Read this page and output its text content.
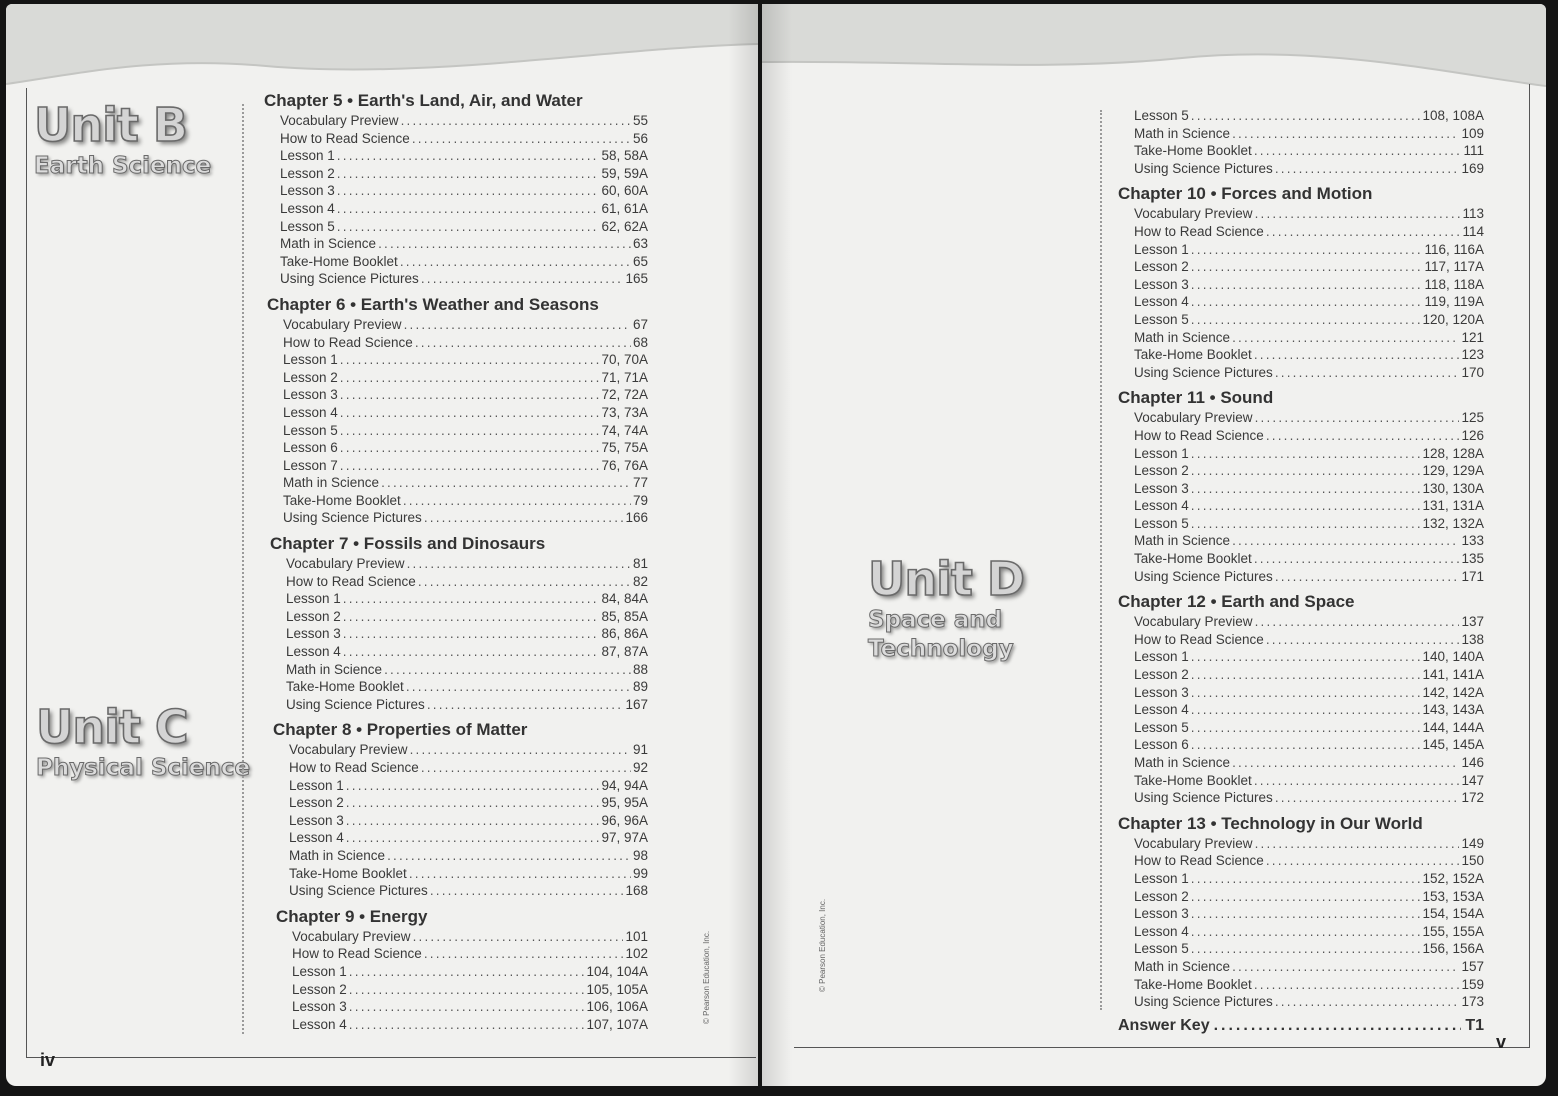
Unit B
Earth Science
Unit C
Physical Science
Chapter 5 • Earth's Land, Air, and Water
Vocabulary Preview .....	55
How to Read Science .....	56
Lesson 1 .....	58, 58A
Lesson 2 .....	59, 59A
Lesson 3 .....	60, 60A
Lesson 4 .....	61, 61A
Lesson 5 .....	62, 62A
Math in Science .....	63
Take-Home Booklet .....	65
Using Science Pictures .....	165
Chapter 6 • Earth's Weather and Seasons
Vocabulary Preview .....	67
How to Read Science .....	68
Lesson 1 .....	70, 70A
Lesson 2 .....	71, 71A
Lesson 3 .....	72, 72A
Lesson 4 .....	73, 73A
Lesson 5 .....	74, 74A
Lesson 6 .....	75, 75A
Lesson 7 .....	76, 76A
Math in Science .....	77
Take-Home Booklet .....	79
Using Science Pictures .....	166
Chapter 7 • Fossils and Dinosaurs
Vocabulary Preview .....	81
How to Read Science .....	82
Lesson 1 .....	84, 84A
Lesson 2 .....	85, 85A
Lesson 3 .....	86, 86A
Lesson 4 .....	87, 87A
Math in Science .....	88
Take-Home Booklet .....	89
Using Science Pictures .....	167
Chapter 8 • Properties of Matter
Vocabulary Preview .....	91
How to Read Science .....	92
Lesson 1 .....	94, 94A
Lesson 2 .....	95, 95A
Lesson 3 .....	96, 96A
Lesson 4 .....	97, 97A
Math in Science .....	98
Take-Home Booklet .....	99
Using Science Pictures .....	168
Chapter 9 • Energy
Vocabulary Preview .....	101
How to Read Science .....	102
Lesson 1 .....	104, 104A
Lesson 2 .....	105, 105A
Lesson 3 .....	106, 106A
Lesson 4 .....	107, 107A
© Pearson Education, Inc.
iv
Unit D
Space and
Technology
Lesson 5 .....	108, 108A
Math in Science .....	109
Take-Home Booklet .....	111
Using Science Pictures .....	169
Chapter 10 • Forces and Motion
Vocabulary Preview .....	113
How to Read Science .....	114
Lesson 1 .....	116, 116A
Lesson 2 .....	117, 117A
Lesson 3 .....	118, 118A
Lesson 4 .....	119, 119A
Lesson 5 .....	120, 120A
Math in Science .....	121
Take-Home Booklet .....	123
Using Science Pictures .....	170
Chapter 11 • Sound
Vocabulary Preview .....	125
How to Read Science .....	126
Lesson 1 .....	128, 128A
Lesson 2 .....	129, 129A
Lesson 3 .....	130, 130A
Lesson 4 .....	131, 131A
Lesson 5 .....	132, 132A
Math in Science .....	133
Take-Home Booklet .....	135
Using Science Pictures .....	171
Chapter 12 • Earth and Space
Vocabulary Preview .....	137
How to Read Science .....	138
Lesson 1 .....	140, 140A
Lesson 2 .....	141, 141A
Lesson 3 .....	142, 142A
Lesson 4 .....	143, 143A
Lesson 5 .....	144, 144A
Lesson 6 .....	145, 145A
Math in Science .....	146
Take-Home Booklet .....	147
Using Science Pictures .....	172
Chapter 13 • Technology in Our World
Vocabulary Preview .....	149
How to Read Science .....	150
Lesson 1 .....	152, 152A
Lesson 2 .....	153, 153A
Lesson 3 .....	154, 154A
Lesson 4 .....	155, 155A
Lesson 5 .....	156, 156A
Math in Science .....	157
Take-Home Booklet .....	159
Using Science Pictures .....	173
Answer Key .....	T1
© Pearson Education, Inc.
v
